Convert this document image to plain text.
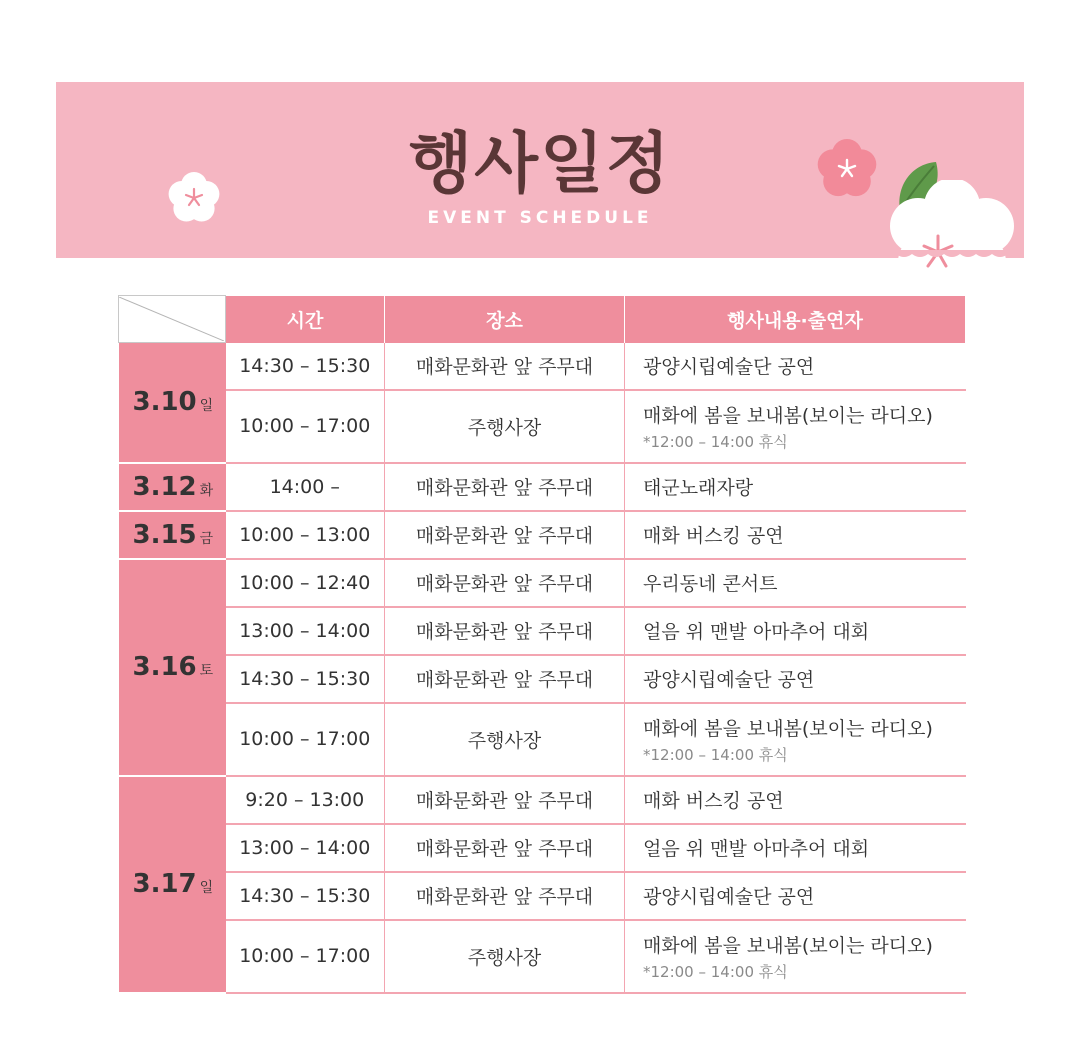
행사일정
EVENT SCHEDULE
	시간	장소	행사내용·출연자
3.10 일	14:30 – 15:30	매화문화관 앞 주무대	광양시립예술단 공연
	10:00 – 17:00	주행사장	매화에 봄을 보내봄(보이는 라디오)
*12:00 – 14:00 휴식

3.12 화	14:00 –	매화문화관 앞 주무대	태군노래자랑
3.15 금	10:00 – 13:00	매화문화관 앞 주무대	매화 버스킹 공연
3.16 토	10:00 – 12:40	매화문화관 앞 주무대	우리동네 콘서트
	13:00 – 14:00	매화문화관 앞 주무대	얼음 위 맨발 아마추어 대회
	14:30 – 15:30	매화문화관 앞 주무대	광양시립예술단 공연
	10:00 – 17:00	주행사장	매화에 봄을 보내봄(보이는 라디오)
*12:00 – 14:00 휴식

3.17 일	9:20 – 13:00	매화문화관 앞 주무대	매화 버스킹 공연
	13:00 – 14:00	매화문화관 앞 주무대	얼음 위 맨발 아마추어 대회
	14:30 – 15:30	매화문화관 앞 주무대	광양시립예술단 공연
	10:00 – 17:00	주행사장	매화에 봄을 보내봄(보이는 라디오)
*12:00 – 14:00 휴식
